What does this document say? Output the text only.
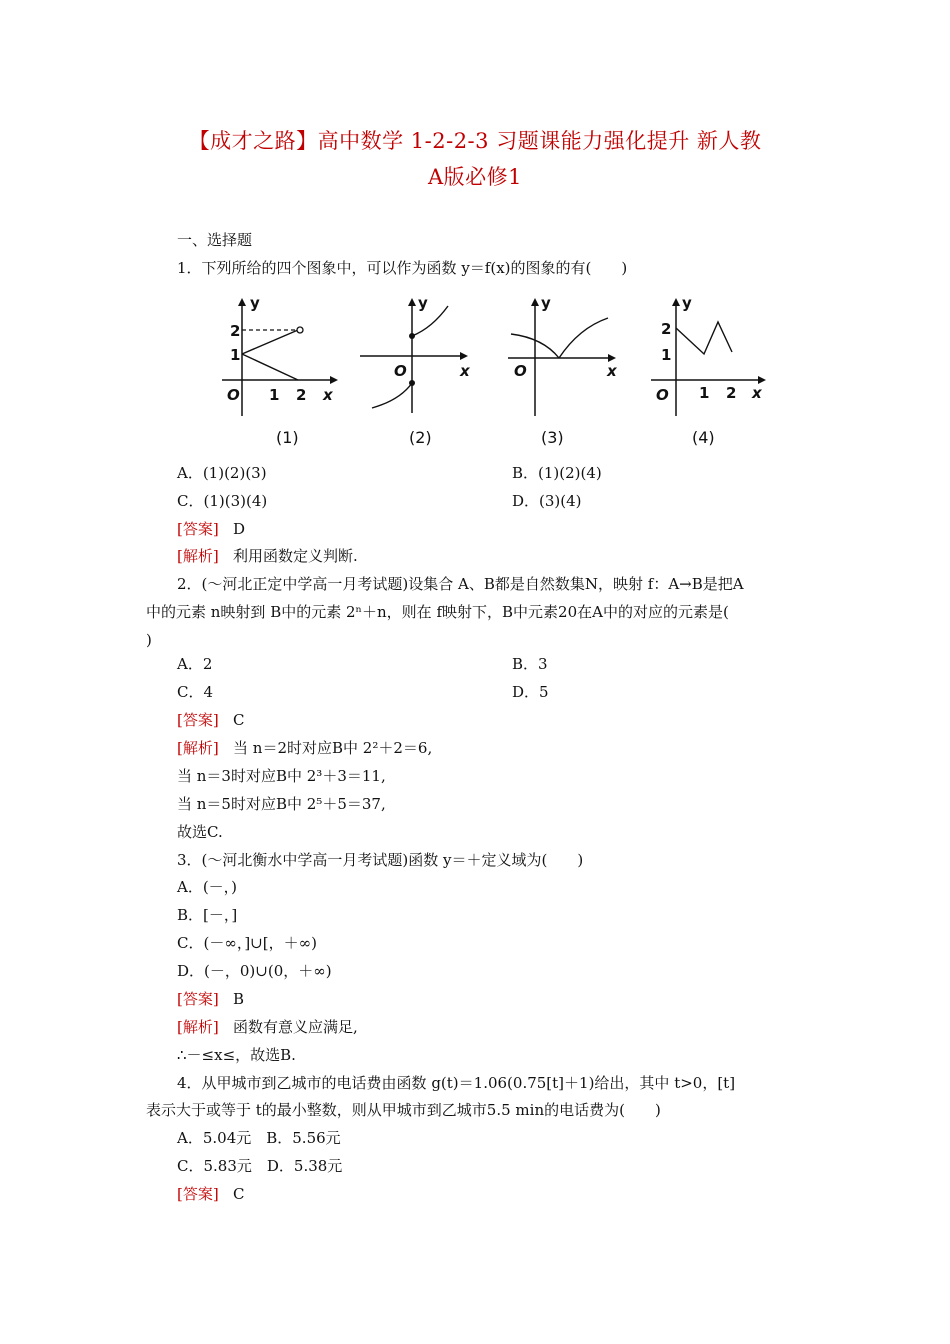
【成才之路】高中数学 1-2-2-3 习题课能力强化提升 新人教
A版必修1
一、选择题
1．下列所给的四个图象中，可以作为函数 y＝f(x)的图象的有(　　)
y
x
O 1 2
1
2
(1)
y
x
O
(2)
y
x
O
(3)
y
x
O 1 2
1
2
(4)
A．(1)(2)(3)	B．(1)(2)(4)
C．(1)(3)(4)	D．(3)(4)
[答案] D
[解析] 利用函数定义判断.
2．(～河北正定中学高一月考试题)设集合 A、B都是自然数集N，映射 f：A→B是把A
中的元素 n映射到 B中的元素 2ⁿ＋n，则在 f映射下，B中元素20在A中的对应的元素是(
)
A．2	B．3
C．4	D．5
[答案] C
[解析] 当 n＝2时对应B中 2²＋2＝6,
当 n＝3时对应B中 2³＋3＝11,
当 n＝5时对应B中 2⁵＋5＝37,
故选C.
3．(～河北衡水中学高一月考试题)函数 y＝＋定义域为(　　)
A．(－，)
B．[－，]
C．(－∞，]∪[，＋∞)
D．(－，0)∪(0，＋∞)
[答案] B
[解析] 函数有意义应满足,
∴－≤x≤，故选B.
4．从甲城市到乙城市的电话费由函数 g(t)＝1.06(0.75[t]＋1)给出，其中 t>0，[t]
表示大于或等于 t的最小整数，则从甲城市到乙城市5.5 min的电话费为(　　)
A．5.04元　B．5.56元
C．5.83元　D．5.38元
[答案] C
